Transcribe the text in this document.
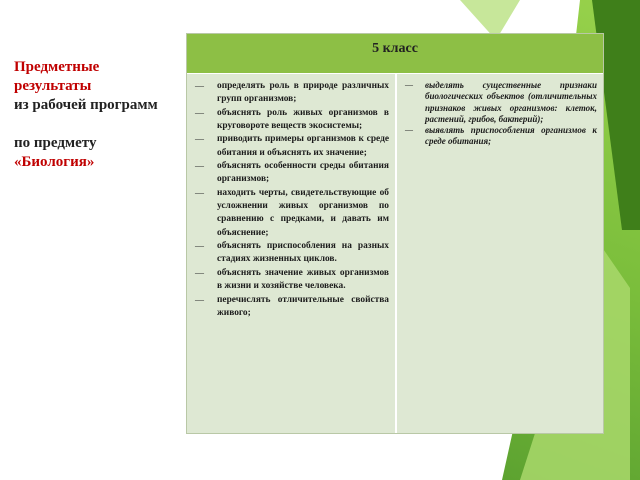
Предметные
результаты
из рабочей программ
по предмету
«Биология»
5 класс
— определять роль в природе различных групп организмов;
— объяснять роль живых организмов в круговороте веществ экосистемы;
— приводить примеры организмов к среде обитания и объяснять их значение;
— объяснять особенности среды обитания организмов;
— находить черты, свидетельствующие об усложнении живых организмов по сравнению с предками, и давать им объяснение;
— объяснять приспособления на разных стадиях жизненных циклов.
— объяснять значение живых организмов в жизни и хозяйстве человека.
— перечислять отличительные свойства живого;
— выделять существенные признаки биологических объектов (отличительных признаков живых организмов: клеток, растений, грибов, бактерий);
— выявлять приспособления организмов к среде обитания;
